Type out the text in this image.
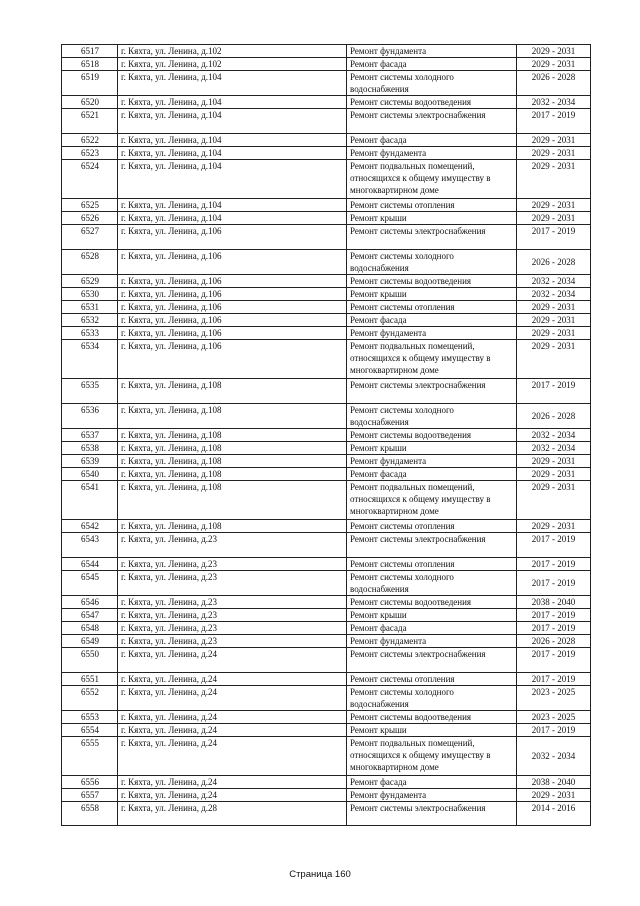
6517	г. Кяхта, ул. Ленина, д.102	Ремонт фундамента	2029 - 2031
6518	г. Кяхта, ул. Ленина, д.102	Ремонт фасада	2029 - 2031
6519	г. Кяхта, ул. Ленина, д.104	Ремонт системы холодного водоснабжения	2026 - 2028
6520	г. Кяхта, ул. Ленина, д.104	Ремонт системы водоотведения	2032 - 2034
6521	г. Кяхта, ул. Ленина, д.104	Ремонт системы электроснабжения	2017 - 2019
6522	г. Кяхта, ул. Ленина, д.104	Ремонт фасада	2029 - 2031
6523	г. Кяхта, ул. Ленина, д.104	Ремонт фундамента	2029 - 2031
6524	г. Кяхта, ул. Ленина, д.104	Ремонт подвальных помещений, относящихся к общему имуществу в многоквартирном доме	2029 - 2031
6525	г. Кяхта, ул. Ленина, д.104	Ремонт системы отопления	2029 - 2031
6526	г. Кяхта, ул. Ленина, д.104	Ремонт крыши	2029 - 2031
6527	г. Кяхта, ул. Ленина, д.106	Ремонт системы электроснабжения	2017 - 2019
6528	г. Кяхта, ул. Ленина, д.106	Ремонт системы холодного водоснабжения	2026 - 2028
6529	г. Кяхта, ул. Ленина, д.106	Ремонт системы водоотведения	2032 - 2034
6530	г. Кяхта, ул. Ленина, д.106	Ремонт крыши	2032 - 2034
6531	г. Кяхта, ул. Ленина, д.106	Ремонт системы отопления	2029 - 2031
6532	г. Кяхта, ул. Ленина, д.106	Ремонт фасада	2029 - 2031
6533	г. Кяхта, ул. Ленина, д.106	Ремонт фундамента	2029 - 2031
6534	г. Кяхта, ул. Ленина, д.106	Ремонт подвальных помещений, относящихся к общему имуществу в многоквартирном доме	2029 - 2031
6535	г. Кяхта, ул. Ленина, д.108	Ремонт системы электроснабжения	2017 - 2019
6536	г. Кяхта, ул. Ленина, д.108	Ремонт системы холодного водоснабжения	2026 - 2028
6537	г. Кяхта, ул. Ленина, д.108	Ремонт системы водоотведения	2032 - 2034
6538	г. Кяхта, ул. Ленина, д.108	Ремонт крыши	2032 - 2034
6539	г. Кяхта, ул. Ленина, д.108	Ремонт фундамента	2029 - 2031
6540	г. Кяхта, ул. Ленина, д.108	Ремонт фасада	2029 - 2031
6541	г. Кяхта, ул. Ленина, д.108	Ремонт подвальных помещений, относящихся к общему имуществу в многоквартирном доме	2029 - 2031
6542	г. Кяхта, ул. Ленина, д.108	Ремонт системы отопления	2029 - 2031
6543	г. Кяхта, ул. Ленина, д.23	Ремонт системы электроснабжения	2017 - 2019
6544	г. Кяхта, ул. Ленина, д.23	Ремонт системы отопления	2017 - 2019
6545	г. Кяхта, ул. Ленина, д.23	Ремонт системы холодного водоснабжения	2017 - 2019
6546	г. Кяхта, ул. Ленина, д.23	Ремонт системы водоотведения	2038 - 2040
6547	г. Кяхта, ул. Ленина, д.23	Ремонт крыши	2017 - 2019
6548	г. Кяхта, ул. Ленина, д.23	Ремонт фасада	2017 - 2019
6549	г. Кяхта, ул. Ленина, д.23	Ремонт фундамента	2026 - 2028
6550	г. Кяхта, ул. Ленина, д.24	Ремонт системы электроснабжения	2017 - 2019
6551	г. Кяхта, ул. Ленина, д.24	Ремонт системы отопления	2017 - 2019
6552	г. Кяхта, ул. Ленина, д.24	Ремонт системы холодного водоснабжения	2023 - 2025
6553	г. Кяхта, ул. Ленина, д.24	Ремонт системы водоотведения	2023 - 2025
6554	г. Кяхта, ул. Ленина, д.24	Ремонт крыши	2017 - 2019
6555	г. Кяхта, ул. Ленина, д.24	Ремонт подвальных помещений, относящихся к общему имуществу в многоквартирном доме	2032 - 2034
6556	г. Кяхта, ул. Ленина, д.24	Ремонт фасада	2038 - 2040
6557	г. Кяхта, ул. Ленина, д.24	Ремонт фундамента	2029 - 2031
6558	г. Кяхта, ул. Ленина, д.28	Ремонт системы электроснабжения	2014 - 2016
Страница 160
